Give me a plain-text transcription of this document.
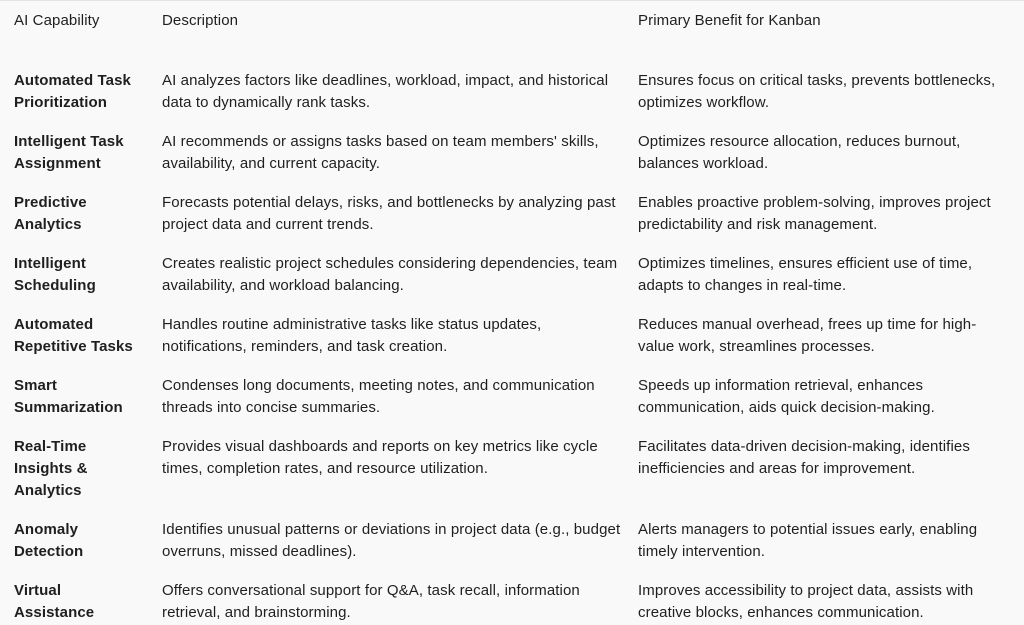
AI Capability	Description	Primary Benefit for Kanban
Automated Task Prioritization
AI analyzes factors like deadlines, workload, impact, and historical data to dynamically rank tasks.
Ensures focus on critical tasks, prevents bottlenecks, optimizes workflow.
Intelligent Task Assignment
AI recommends or assigns tasks based on team members' skills, availability, and current capacity.
Optimizes resource allocation, reduces burnout, balances workload.
Predictive Analytics
Forecasts potential delays, risks, and bottlenecks by analyzing past project data and current trends.
Enables proactive problem-solving, improves project predictability and risk management.
Intelligent Scheduling
Creates realistic project schedules considering dependencies, team availability, and workload balancing.
Optimizes timelines, ensures efficient use of time, adapts to changes in real-time.
Automated Repetitive Tasks
Handles routine administrative tasks like status updates, notifications, reminders, and task creation.
Reduces manual overhead, frees up time for high-value work, streamlines processes.
Smart Summarization
Condenses long documents, meeting notes, and communication threads into concise summaries.
Speeds up information retrieval, enhances communication, aids quick decision-making.
Real-Time Insights & Analytics
Provides visual dashboards and reports on key metrics like cycle times, completion rates, and resource utilization.
Facilitates data-driven decision-making, identifies inefficiencies and areas for improvement.
Anomaly Detection
Identifies unusual patterns or deviations in project data (e.g., budget overruns, missed deadlines).
Alerts managers to potential issues early, enabling timely intervention.
Virtual Assistance
Offers conversational support for Q&A, task recall, information retrieval, and brainstorming.
Improves accessibility to project data, assists with creative blocks, enhances communication.
